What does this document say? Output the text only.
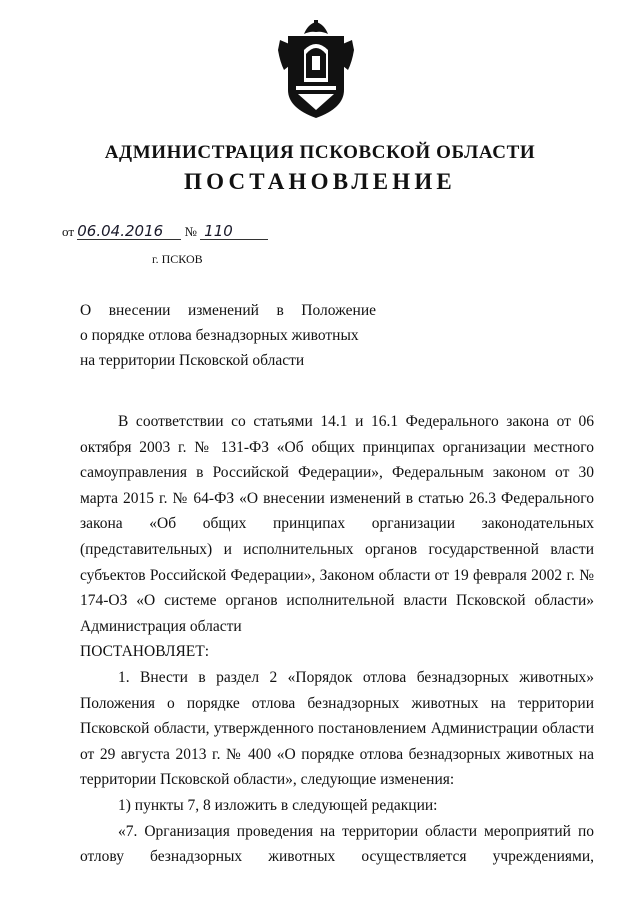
АДМИНИСТРАЦИЯ ПСКОВСКОЙ ОБЛАСТИ
ПОСТАНОВЛЕНИЕ
от 06.04.2016 № 110
г. ПСКОВ
О внесении изменений в Положение
о порядке отлова безнадзорных животных
на территории Псковской области

В соответствии со статьями 14.1 и 16.1 Федерального закона от 06 октября 2003 г. № 131-ФЗ «Об общих принципах организации местного самоуправления в Российской Федерации», Федеральным законом от 30 марта 2015 г. № 64-ФЗ «О внесении изменений в статью 26.3 Федерального закона «Об общих принципах организации законодательных (представительных) и исполнительных органов государственной власти субъектов Российской Федерации», Законом области от 19 февраля 2002 г. № 174-ОЗ «О системе органов исполнительной власти Псковской области» Администрация области

ПОСТАНОВЛЯЕТ:

1. Внести в раздел 2 «Порядок отлова безнадзорных животных» Положения о порядке отлова безнадзорных животных на территории Псковской области, утвержденного постановлением Администрации области от 29 августа 2013 г. № 400 «О порядке отлова безнадзорных животных на территории Псковской области», следующие изменения:

1) пункты 7, 8 изложить в следующей редакции:

«7. Организация проведения на территории области мероприятий по отлову безнадзорных животных осуществляется учреждениями,
